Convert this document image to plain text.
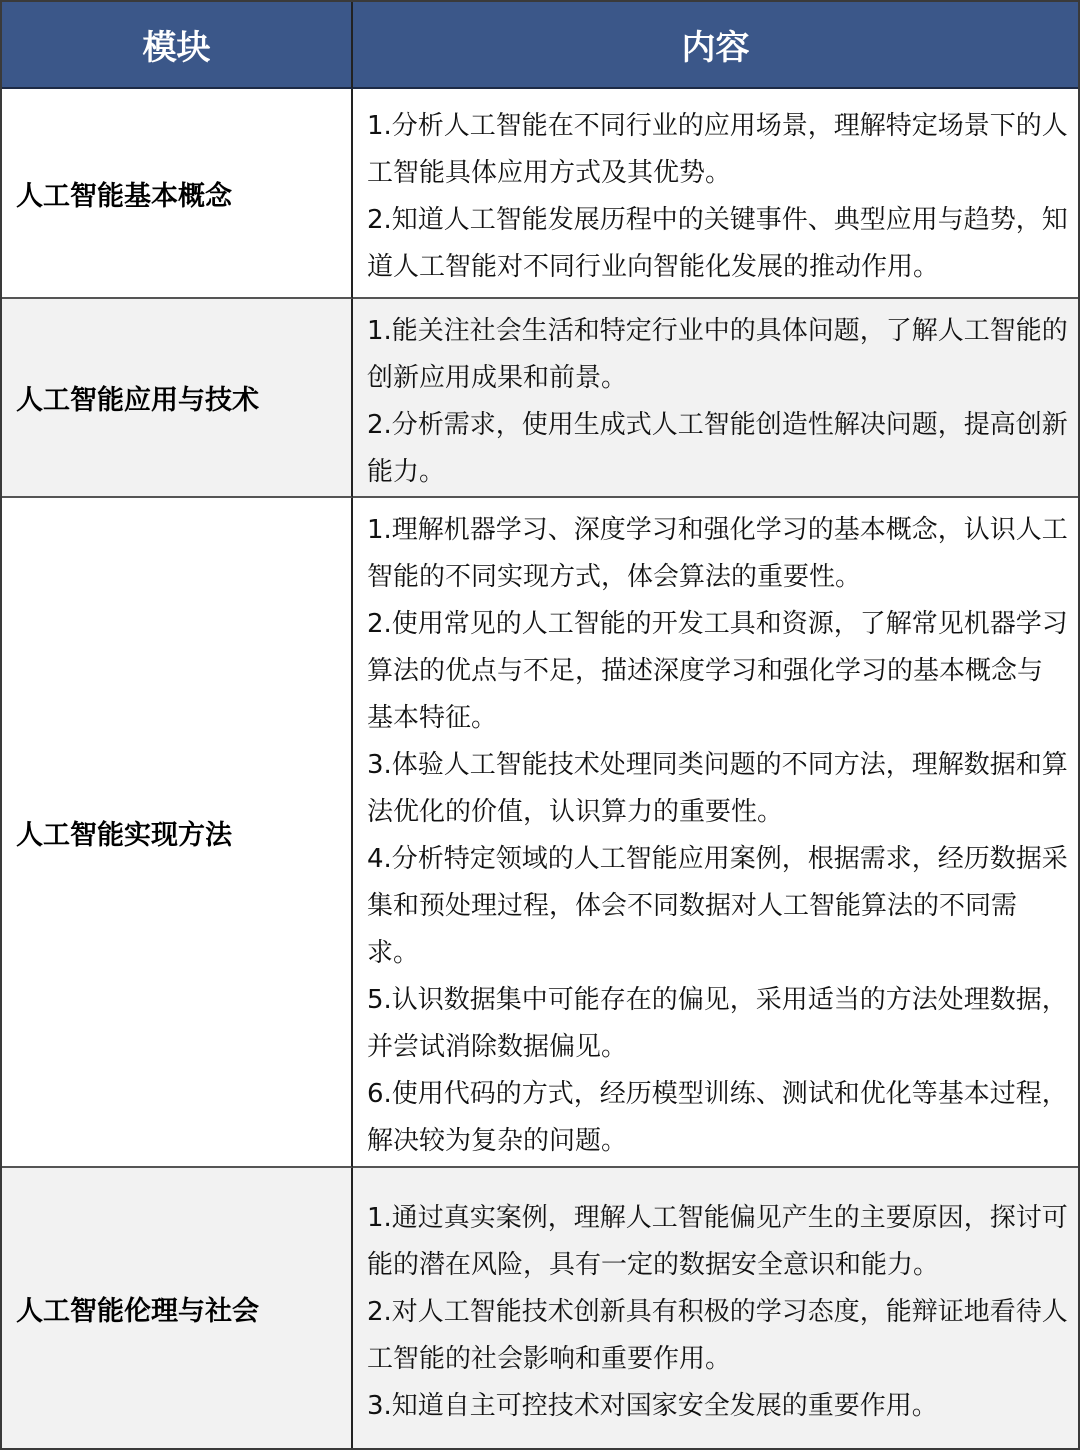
模块	内容
人工智能基本概念

1.分析人工智能在不同行业的应用场景，理解特定场景下的人工智能具体应用方式及其优势。

2.知道人工智能发展历程中的关键事件、典型应用与趋势，知道人工智能对不同行业向智能化发展的推动作用。

人工智能应用与技术

1.能关注社会生活和特定行业中的具体问题，了解人工智能的创新应用成果和前景。

2.分析需求，使用生成式人工智能创造性解决问题，提高创新能力。

人工智能实现方法

1.理解机器学习、深度学习和强化学习的基本概念，认识人工智能的不同实现方式，体会算法的重要性。

2.使用常见的人工智能的开发工具和资源，了解常见机器学习算法的优点与不足，描述深度学习和强化学习的基本概念与基本特征。

3.体验人工智能技术处理同类问题的不同方法，理解数据和算法优化的价值，认识算力的重要性。

4.分析特定领域的人工智能应用案例，根据需求，经历数据采集和预处理过程，体会不同数据对人工智能算法的不同需求。

5.认识数据集中可能存在的偏见，采用适当的方法处理数据，并尝试消除数据偏见。

6.使用代码的方式，经历模型训练、测试和优化等基本过程，解决较为复杂的问题。

人工智能伦理与社会

1.通过真实案例，理解人工智能偏见产生的主要原因，探讨可能的潜在风险，具有一定的数据安全意识和能力。

2.对人工智能技术创新具有积极的学习态度，能辩证地看待人工智能的社会影响和重要作用。

3.知道自主可控技术对国家安全发展的重要作用。
